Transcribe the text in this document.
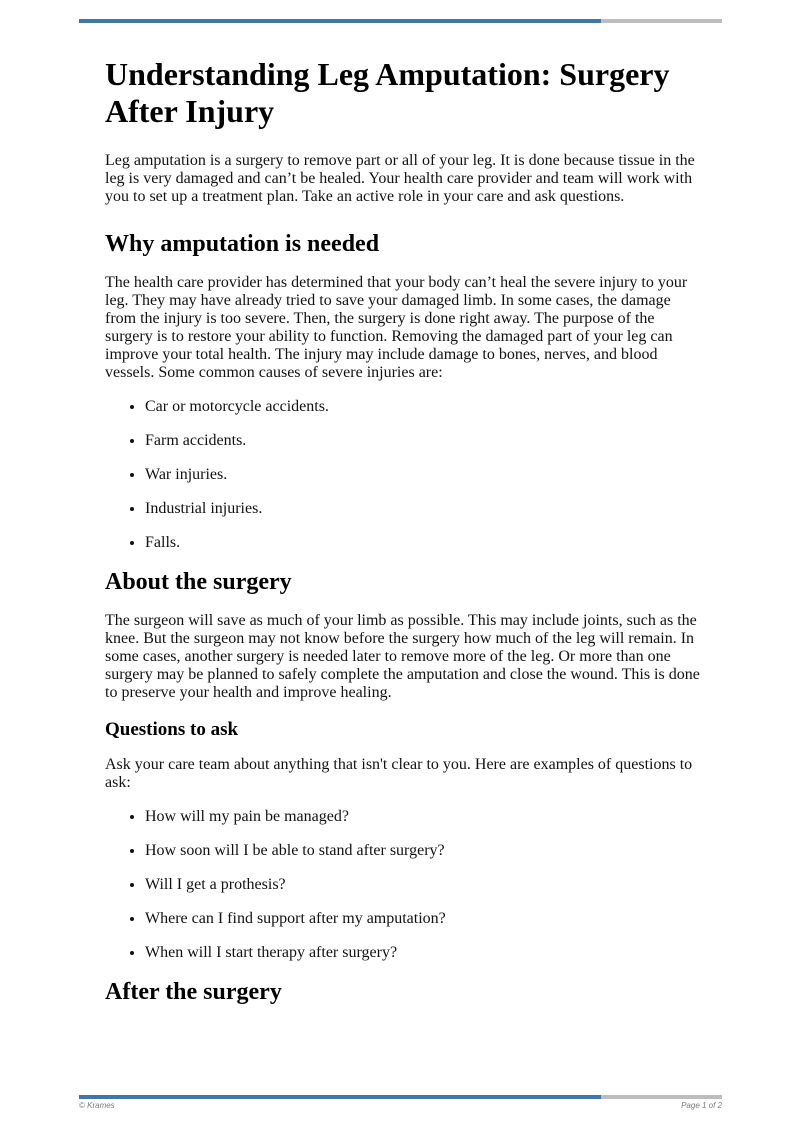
Understanding Leg Amputation: Surgery After Injury

Leg amputation is a surgery to remove part or all of your leg. It is done because tissue in the leg is very damaged and can’t be healed. Your health care provider and team will work with you to set up a treatment plan. Take an active role in your care and ask questions.

Why amputation is needed

The health care provider has determined that your body can’t heal the severe injury to your leg. They may have already tried to save your damaged limb. In some cases, the damage from the injury is too severe. Then, the surgery is done right away. The purpose of the surgery is to restore your ability to function. Removing the damaged part of your leg can improve your total health. The injury may include damage to bones, nerves, and blood vessels. Some common causes of severe injuries are:

• Car or motorcycle accidents.
• Farm accidents.
• War injuries.
• Industrial injuries.
• Falls.
About the surgery

The surgeon will save as much of your limb as possible. This may include joints, such as the knee. But the surgeon may not know before the surgery how much of the leg will remain. In some cases, another surgery is needed later to remove more of the leg. Or more than one surgery may be planned to safely complete the amputation and close the wound. This is done to preserve your health and improve healing.

Questions to ask

Ask your care team about anything that isn't clear to you. Here are examples of questions to ask:

• How will my pain be managed?
• How soon will I be able to stand after surgery?
• Will I get a prothesis?
• Where can I find support after my amputation?
• When will I start therapy after surgery?
After the surgery
© Krames	Page 1 of 2
